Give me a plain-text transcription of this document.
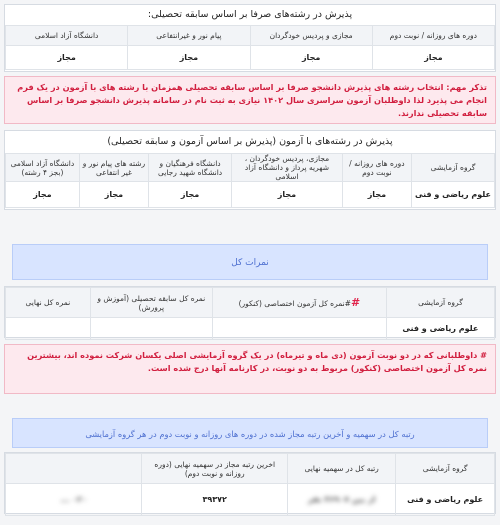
پذیرش در رشته‌های صرفا بر اساس سابقه تحصیلی:
دوره های روزانه / نوبت دوم	مجازی و پردیس خودگردان	پیام نور و غیرانتفاعی	دانشگاه آزاد اسلامی
مجاز	مجاز	مجاز	مجاز
تذکر مهم: انتخاب رشته های پذیرش دانشجو صرفا بر اساس سابقه تحصیلی همزمان با رشته های با آزمون در یک فرم انجام می پذیرد لذا داوطلبان آزمون سراسری سال ۱۴۰۲ نیازی به ثبت نام در سامانه پذیرش دانشجو صرفا بر اساس سابقه تحصیلی ندارند.
پذیرش در رشته‌های با آزمون (پذیرش بر اساس آزمون و سابقه تحصیلی)
گروه آزمایشی	دوره های روزانه / نوبت دوم	مجازی، پردیس خودگردان ، شهریه پرداز و دانشگاه آزاد اسلامی	دانشگاه فرهنگیان و دانشگاه شهید رجایی	رشته های پیام نور و غیر انتفاعی	دانشگاه آزاد اسلامی (بجز ۴ رشته)
علوم ریاضی و فنی	مجاز	مجاز	مجاز	مجاز	مجاز
نمرات کل
گروه آزمایشی	##نمره کل آزمون اختصاصی (کنکور)	نمره کل سابقه تحصیلی (آموزش و پرورش)	نمره کل نهایی
علوم ریاضی و فنی			
# داوطلبانی که در دو نوبت آزمون (دی ماه و تیرماه) در یک گروه آزمایشی اصلی یکسان شرکت نموده اند، بیشترین نمره کل آزمون اختصاصی (کنکور) مربوط به دو نوبت، در کارنامه آنها درج شده است.
رتبه کل در سهمیه و آخرین رتبه مجاز شده در دوره های روزانه و نوبت دوم در هر گروه آزمایشی
گروه آزمایشی	رتبه کل در سهمیه نهایی	اخرین رتبه مجاز در سهمیه نهایی (دوره روزانه و نوبت دوم)	
علوم ریاضی و فنی	از بین ۴۶۹۰۷ نفر	۳۹۳۷۲	۰۲۰ ...
